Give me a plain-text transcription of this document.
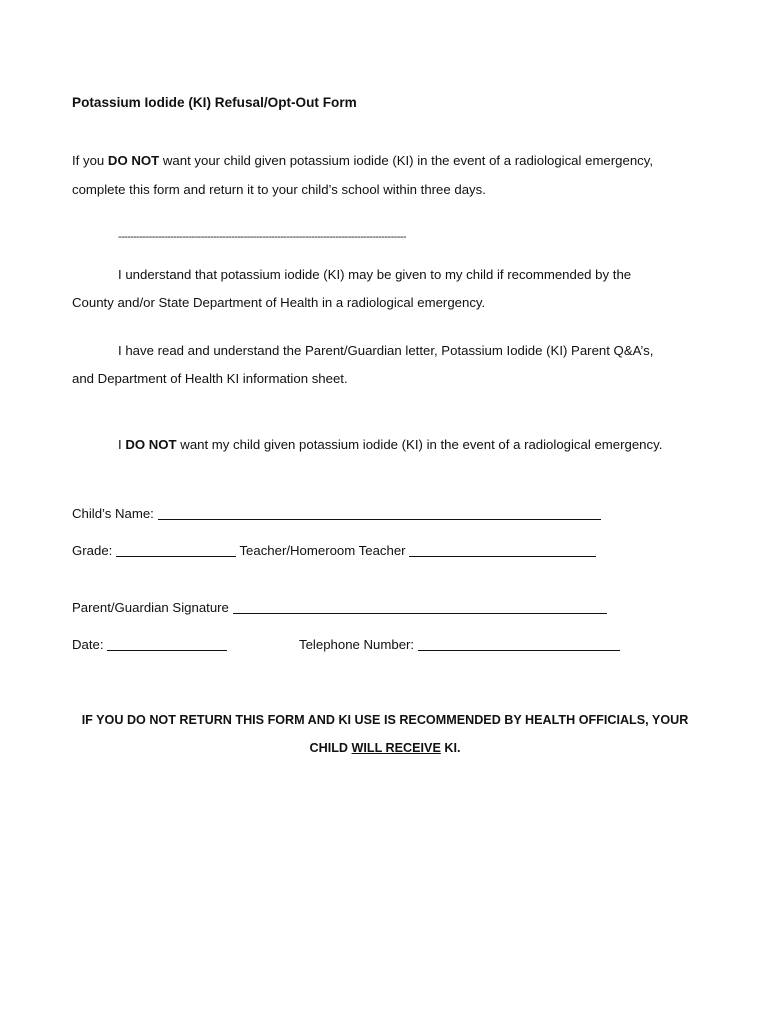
Potassium Iodide (KI) Refusal/Opt-Out Form
If you DO NOT want your child given potassium iodide (KI) in the event of a radiological emergency,
complete this form and return it to your child’s school within three days.
----------------------------------------------------------------------------------------------
I understand that potassium iodide (KI) may be given to my child if recommended by the
County and/or State Department of Health in a radiological emergency.
I have read and understand the Parent/Guardian letter, Potassium Iodide (KI) Parent Q&A’s,
and Department of Health KI information sheet.
I DO NOT want my child given potassium iodide (KI) in the event of a radiological emergency.
Child’s Name:
Grade:	Teacher/Homeroom Teacher
Parent/Guardian Signature
Date:	Telephone Number:
IF YOU DO NOT RETURN THIS FORM AND KI USE IS RECOMMENDED BY HEALTH OFFICIALS, YOUR
CHILD WILL RECEIVE KI.
